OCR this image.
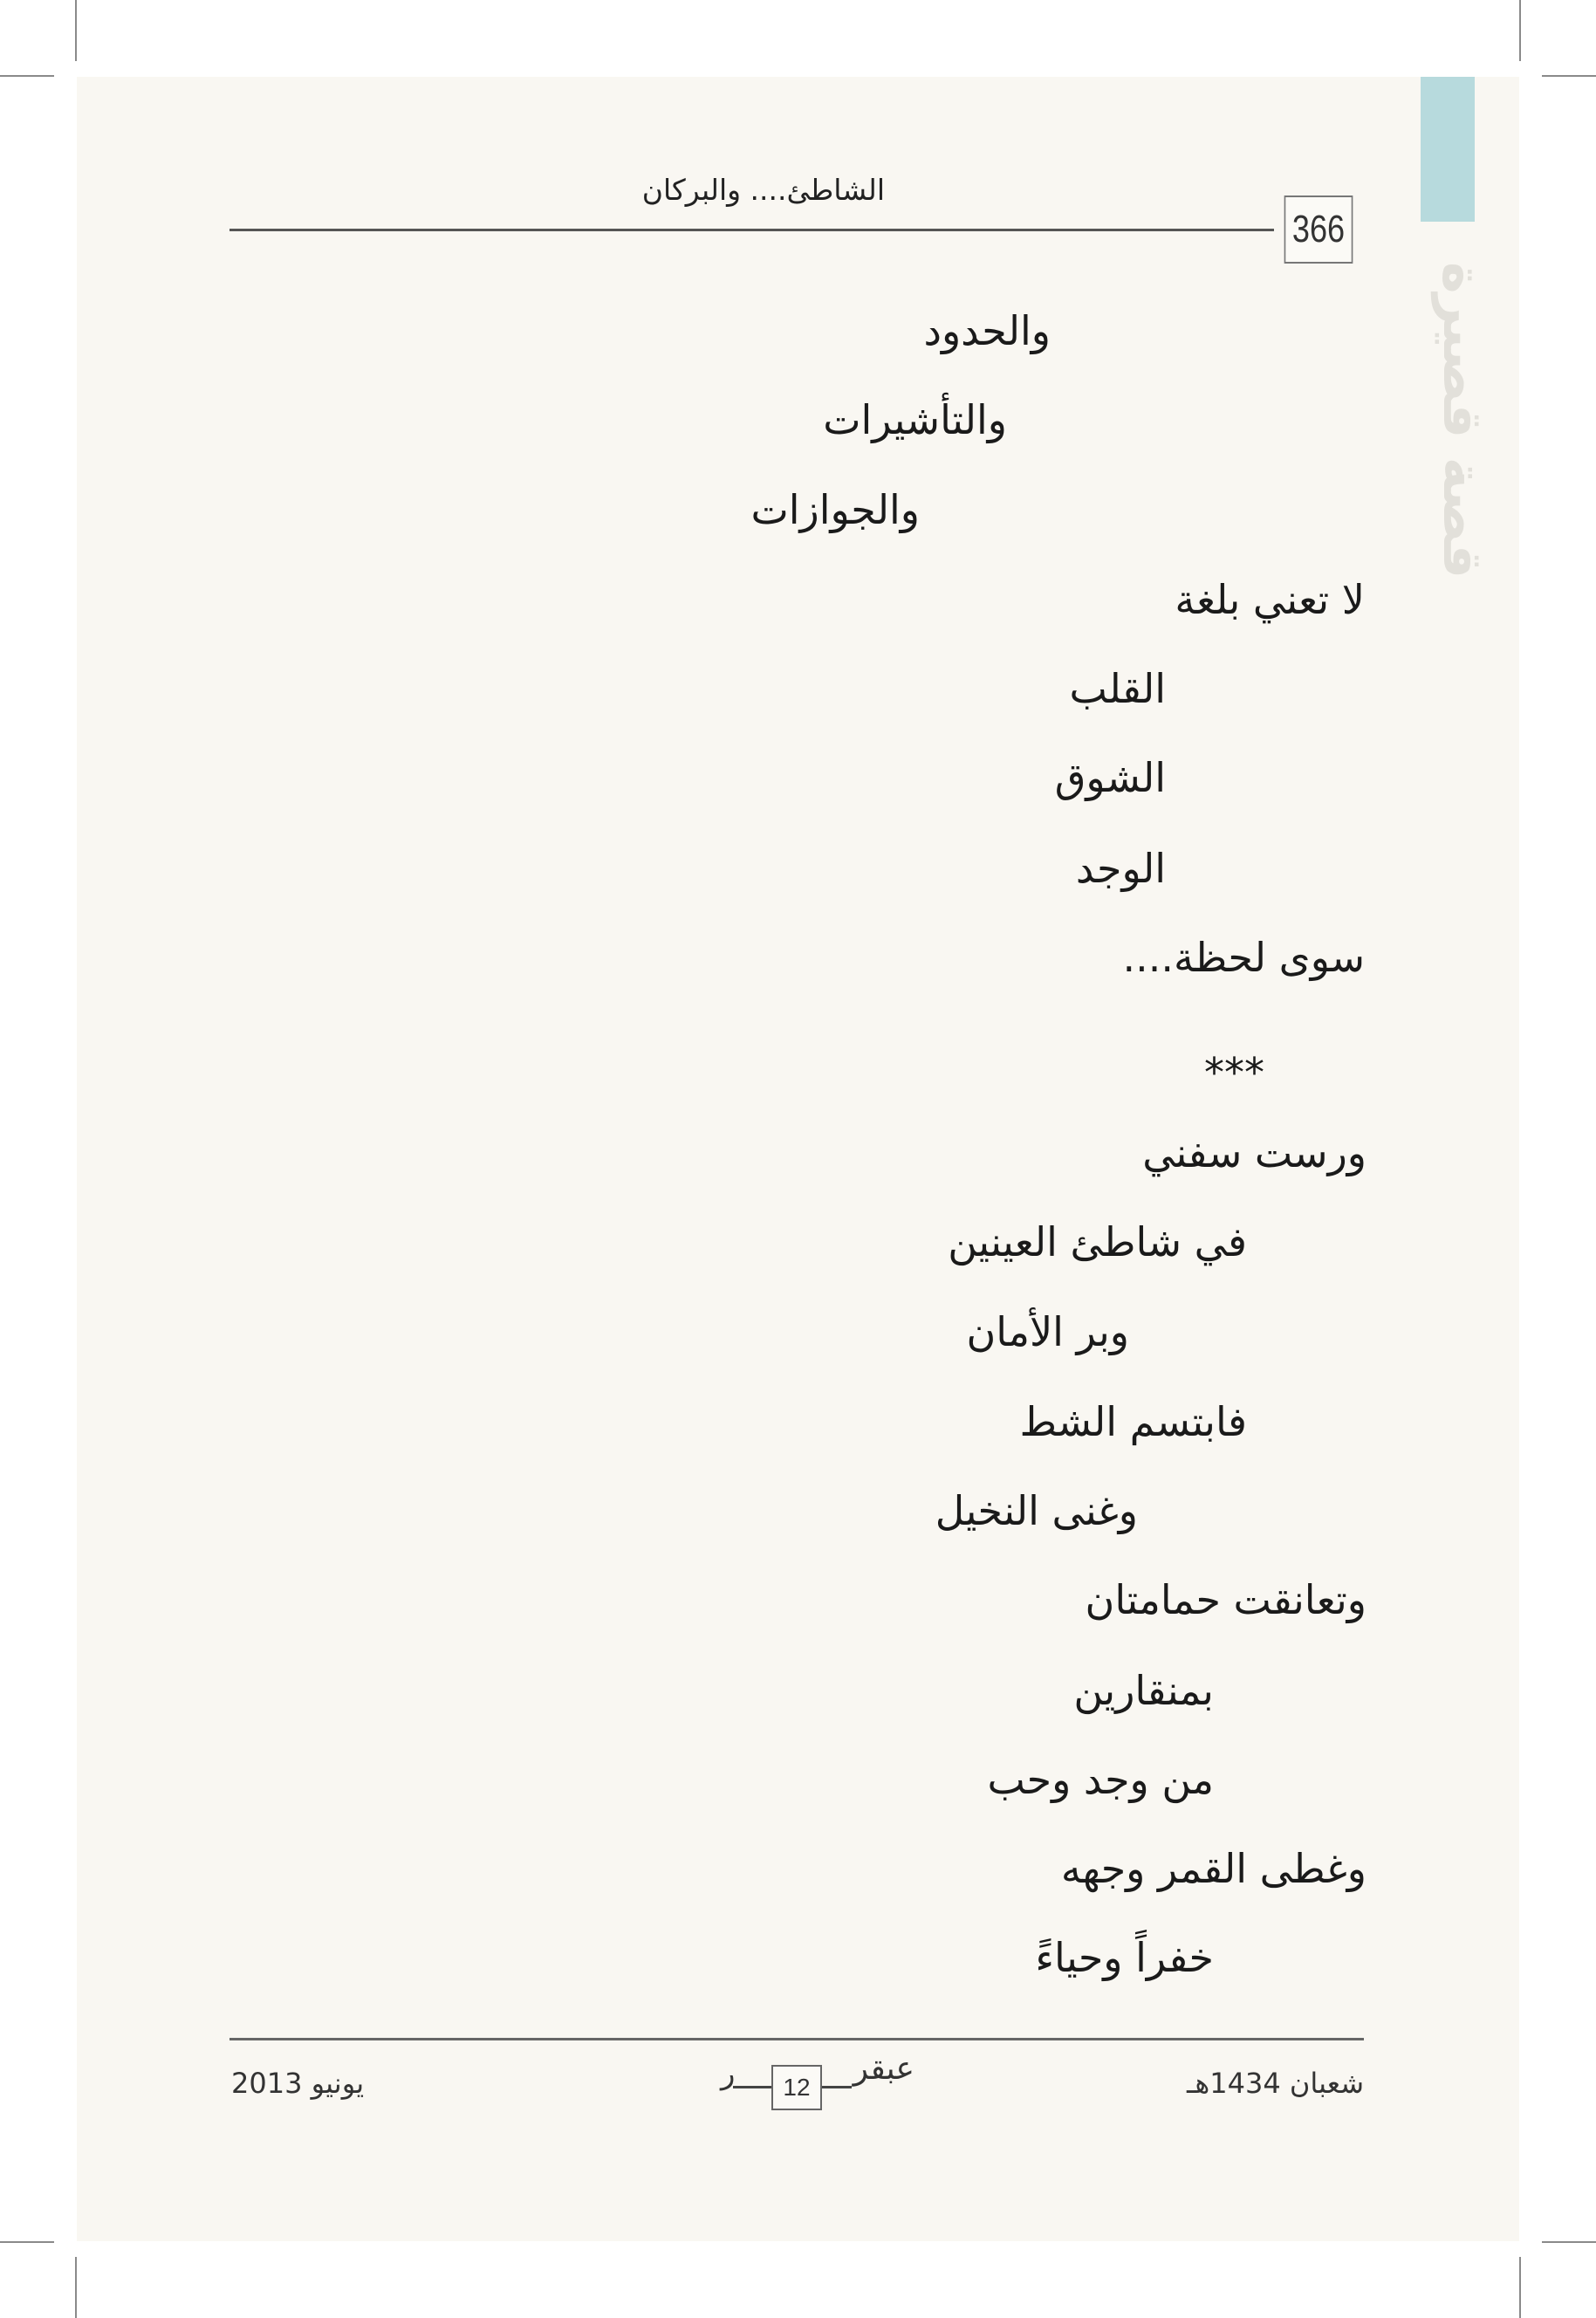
قصة قصيرة
الشاطئ.... والبركان
366
والحدود
والتأشيرات
والجوازات
لا تعني بلغة
القلب
الشوق
الوجد
سوى لحظة....
***
ورست سفني
في شاطئ العينين
وبر الأمان
فابتسم الشط
وغنى النخيل
وتعانقت حمامتان
بمنقارين
من وجد وحب
وغطى القمر وجهه
خفراً وحياءً
يونيو 2013	ر	12
عبقر	شعبان 1434هـ
